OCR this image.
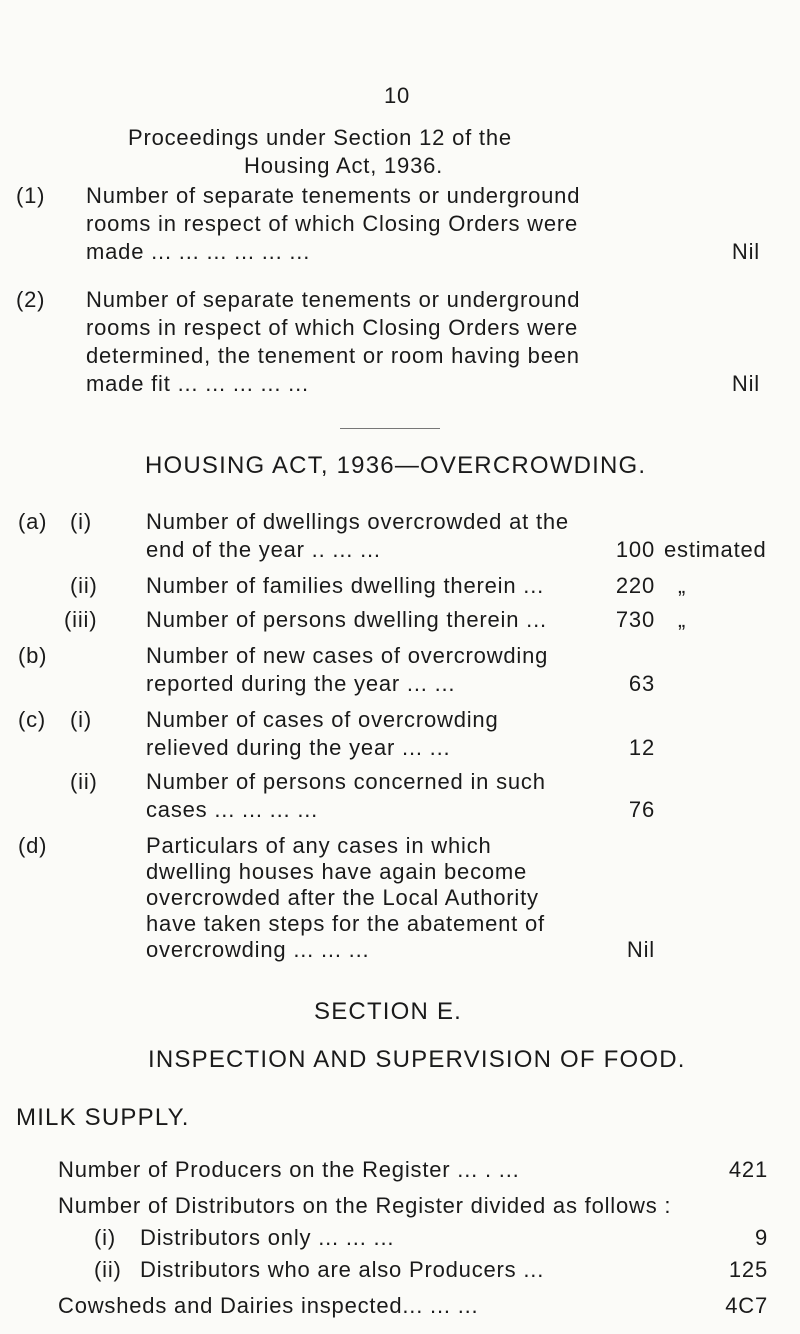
10
Proceedings under Section 12 of the
Housing Act, 1936.
(1) Number of separate tenements or underground
rooms in respect of which Closing Orders were
made ... ... ... ... ... ...	Nil
(2) Number of separate tenements or underground
rooms in respect of which Closing Orders were
determined, the tenement or room having been
made fit ... ... ... ... ...	Nil
HOUSING ACT, 1936—OVERCROWDING.
(a) (i) Number of dwellings overcrowded at the
end of the year .. ... ...	100 estimated
(ii) Number of families dwelling therein ...	220 „
(iii) Number of persons dwelling therein ...	730 „
(b)	Number of new cases of overcrowding
reported during the year ... ...	63
(c) (i) Number of cases of overcrowding
relieved during the year ... ...	12
(ii) Number of persons concerned in such
cases ... ... ... ...	76
(d)	Particulars of any cases in which
dwelling houses have again become
overcrowded after the Local Authority
have taken steps for the abatement of
overcrowding ... ... ...	Nil
SECTION E.
INSPECTION AND SUPERVISION OF FOOD.
MILK SUPPLY.
Number of Producers on the Register ... . ...	421
Number of Distributors on the Register divided as follows :
(i) Distributors only ... ... ...	9
(ii) Distributors who are also Producers ...	125
Cowsheds and Dairies inspected... ... ...	4C7
